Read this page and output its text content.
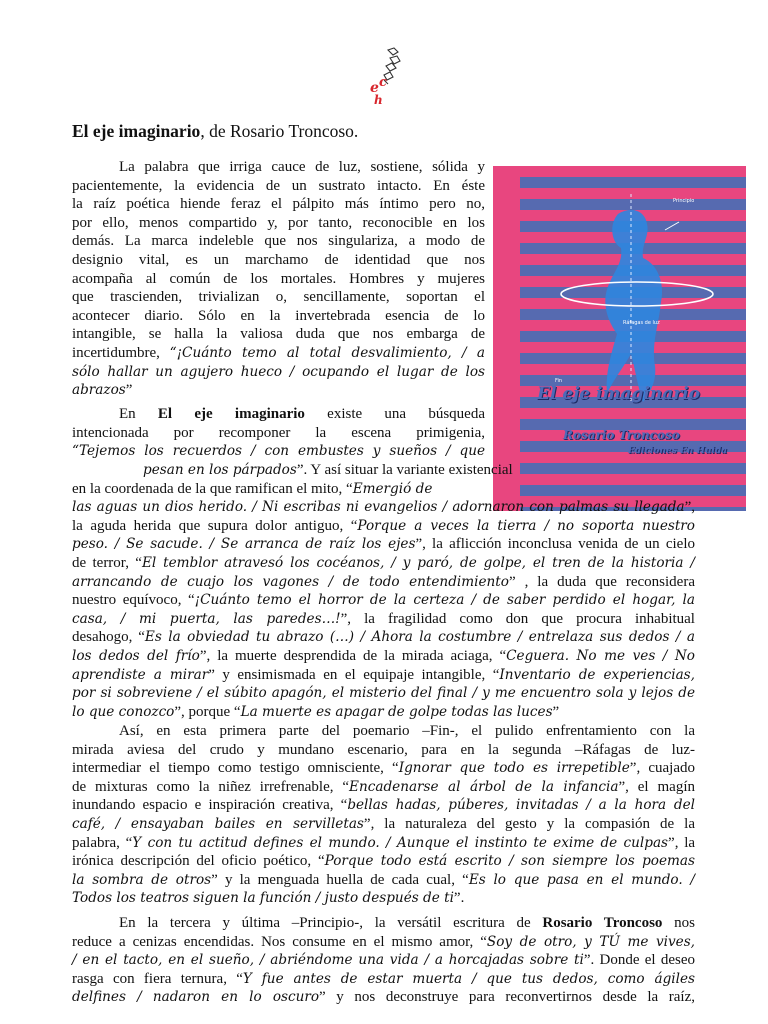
e c
h
El eje imaginario, de Rosario Troncoso.
La palabra que irriga cauce de luz, sostiene, sólida y
pacientemente, la evidencia de un sustrato intacto. En éste
la raíz poética hiende feraz el pálpito más íntimo pero no,
por ello, menos compartido y, por tanto, reconocible en los
demás. La marca indeleble que nos singulariza, a modo de
designio vital, es un marchamo de identidad que nos
acompaña al común de los mortales. Hombres y mujeres
que trascienden, trivializan o, sencillamente, soportan el
acontecer diario. Sólo en la invertebrada esencia de lo
intangible, se halla la valiosa duda que nos embarga de
incertidumbre, “¡Cuánto temo al total desvalimiento, / a
sólo hallar un agujero hueco / ocupando el lugar de los
abrazos”
Principio
Ráfagas de luz
Fin
El eje imaginario
Rosario Troncoso
Ediciones En Huida
En El eje imaginario existe una búsqueda
intencionada por recomponer la escena primigenia,
“Tejemos los recuerdos / con embustes y sueños / que
pesan en los párpados”. Y así situar la variante existencial
en la coordenada de la que ramifican el mito, “Emergió de
las aguas un dios herido. / Ni escribas ni evangelios / adornaron con palmas su llegada”,
la aguda herida que supura dolor antiguo, “Porque a veces la tierra / no soporta nuestro
peso. / Se sacude. / Se arranca de raíz los ejes”, la aflicción inconclusa venida de un cielo
de terror, “El temblor atravesó los cocéanos, / y paró, de golpe, el tren de la historia /
arrancando de cuajo los vagones / de todo entendimiento” , la duda que reconsidera
nuestro equívoco, “¡Cuánto temo el horror de la certeza / de saber perdido el hogar, la
casa, / mi puerta, las paredes…!”, la fragilidad como don que procura inhabitual
desahogo, “Es la obviedad tu abrazo (…) / Ahora la costumbre / entrelaza sus dedos / a
los dedos del frío”, la muerte desprendida de la mirada aciaga, “Ceguera. No me ves / No
aprendiste a mirar” y ensimismada en el equipaje intangible, “Inventario de experiencias,
por si sobreviene / el súbito apagón, el misterio del final / y me encuentro sola y lejos de
lo que conozco”, porque “La muerte es apagar de golpe todas las luces”
Así, en esta primera parte del poemario –Fin-, el pulido enfrentamiento con la
mirada aviesa del crudo y mundano escenario, para en la segunda –Ráfagas de luz-
intermediar el tiempo como testigo omnisciente, “Ignorar que todo es irrepetible”, cuajado
de mixturas como la niñez irrefrenable, “Encadenarse al árbol de la infancia”, el magín
inundando espacio e inspiración creativa, “bellas hadas, púberes, invitadas / a la hora del
café, / ensayaban bailes en servilletas”, la naturaleza del gesto y la compasión de la
palabra, “Y con tu actitud defines el mundo. / Aunque el instinto te exime de culpas”, la
irónica descripción del oficio poético, “Porque todo está escrito / son siempre los poemas
la sombra de otros” y la menguada huella de cada cual, “Es lo que pasa en el mundo. /
Todos los teatros siguen la función / justo después de ti”.
En la tercera y última –Principio-, la versátil escritura de Rosario Troncoso nos
reduce a cenizas encendidas. Nos consume en el mismo amor, “Soy de otro, y TÚ me vives,
/ en el tacto, en el sueño, / abriéndome una vida / a horcajadas sobre ti”. Donde el deseo
rasga con fiera ternura, “Y fue antes de estar muerta / que tus dedos, como ágiles
delfines / nadaron en lo oscuro” y nos deconstruye para reconvertirnos desde la raíz,
